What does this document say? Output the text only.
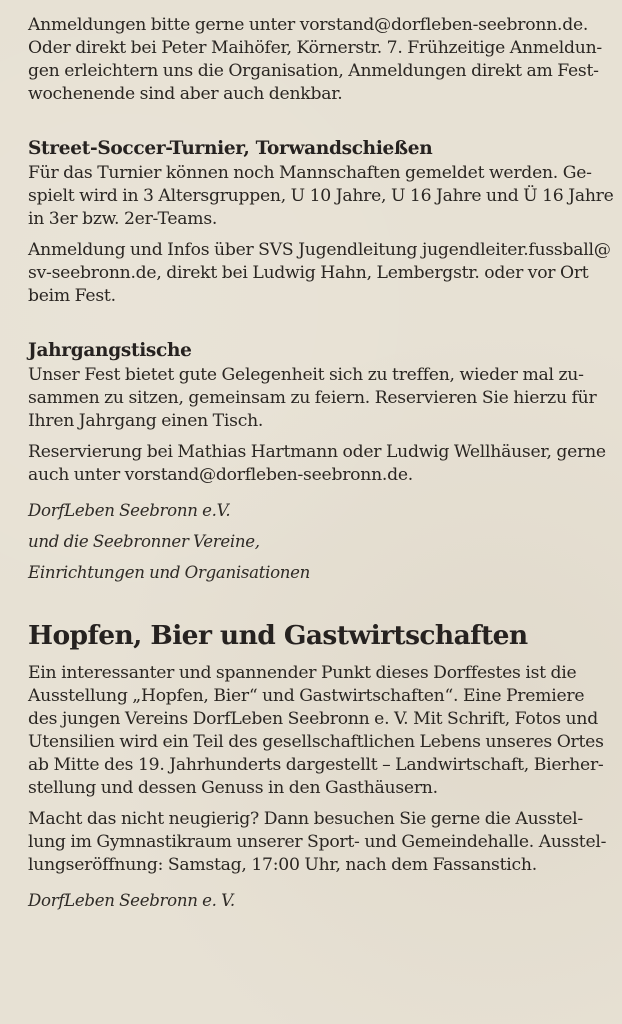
Anmeldungen bitte gerne unter vorstand@dorfleben-seebronn.de.
Oder direkt bei Peter Maihöfer, Körnerstr. 7. Frühzeitige Anmeldun-
gen erleichtern uns die Organisation, Anmeldungen direkt am Fest-
wochenende sind aber auch denkbar.

Street-Soccer-Turnier, Torwandschießen

Für das Turnier können noch Mannschaften gemeldet werden. Ge-
spielt wird in 3 Altersgruppen, U 10 Jahre, U 16 Jahre und Ü 16 Jahre
in 3er bzw. 2er-Teams.

Anmeldung und Infos über SVS Jugendleitung jugendleiter.fussball@
sv-seebronn.de, direkt bei Ludwig Hahn, Lembergstr. oder vor Ort
beim Fest.

Jahrgangstische

Unser Fest bietet gute Gelegenheit sich zu treffen, wieder mal zu-
sammen zu sitzen, gemeinsam zu feiern. Reservieren Sie hierzu für
Ihren Jahrgang einen Tisch.

Reservierung bei Mathias Hartmann oder Ludwig Wellhäuser, gerne
auch unter vorstand@dorfleben-seebronn.de.

DorfLeben Seebronn e.V.
und die Seebronner Vereine,
Einrichtungen und Organisationen

Hopfen, Bier und Gastwirtschaften

Ein interessanter und spannender Punkt dieses Dorffestes ist die
Ausstellung „Hopfen, Bier“ und Gastwirtschaften“. Eine Premiere
des jungen Vereins DorfLeben Seebronn e. V. Mit Schrift, Fotos und
Utensilien wird ein Teil des gesellschaftlichen Lebens unseres Ortes
ab Mitte des 19. Jahrhunderts dargestellt – Landwirtschaft, Bierher-
stellung und dessen Genuss in den Gasthäusern.

Macht das nicht neugierig? Dann besuchen Sie gerne die Ausstel-
lung im Gymnastikraum unserer Sport- und Gemeindehalle. Ausstel-
lungseröffnung: Samstag, 17:00 Uhr, nach dem Fassanstich.

DorfLeben Seebronn e. V.
